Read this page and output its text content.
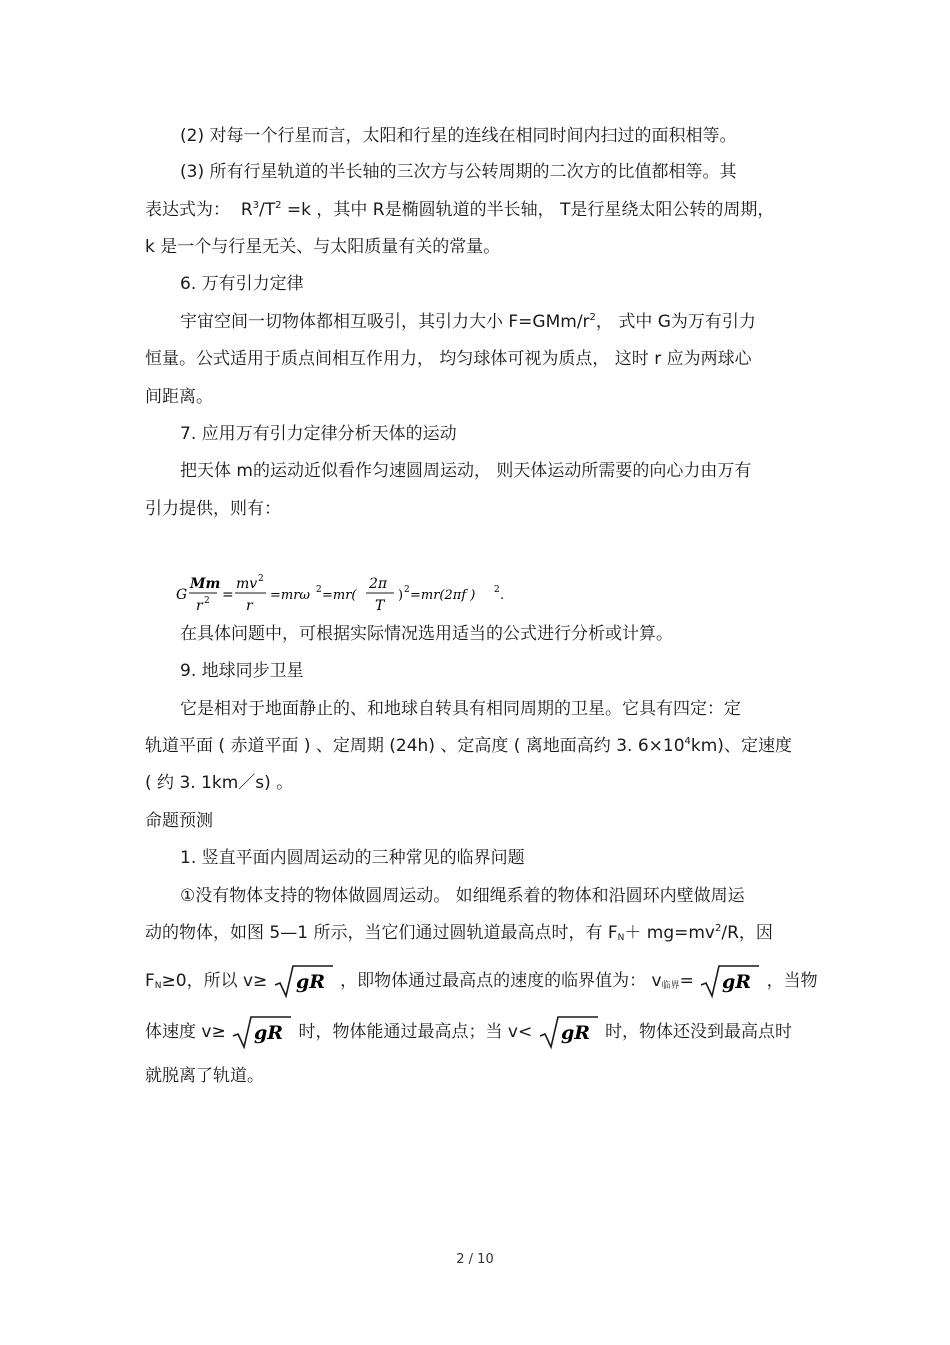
(2) 对每一个行星而言，太阳和行星的连线在相同时间内扫过的面积相等。
(3) 所有行星轨道的半长轴的三次方与公转周期的二次方的比值都相等。其
表达式为： $R^3/T^2 =k$ ，其中 R是椭圆轨道的半长轴， T是行星绕太阳公转的周期，
k 是一个与行星无关、与太阳质量有关的常量。
6. 万有引力定律
宇宙空间一切物体都相互吸引，其引力大小 $F=GMm/r^2$， 式中 G为万有引力
恒量。公式适用于质点间相互作用力， 均匀球体可视为质点， 这时 r 应为两球心
间距离。
7. 应用万有引力定律分析天体的运动
把天体 m的运动近似看作匀速圆周运动， 则天体运动所需要的向心力由万有
引力提供，则有：
G
Mm
r 2 =
mv 2
r
=mrω 2 =mr(
2π
T
) 2 =mr(2πf ) 2 .
在具体问题中，可根据实际情况选用适当的公式进行分析或计算。
9. 地球同步卫星
它是相对于地面静止的、和地球自转具有相同周期的卫星。它具有四定：定
轨道平面 ( 赤道平面 ) 、定周期 (24h) 、定高度 ( 离地面高约 3. $6\times 10^4km$)、定速度
( 约 3. 1km／s) 。
命题预测
1. 竖直平面内圆周运动的三种常见的临界问题
①没有物体支持的物体做圆周运动。 如细绳系着的物体和沿圆环内壁做周运
动的物体，如图 5—1 所示，当它们通过圆轨道最高点时，有 $F_N+ mg=mv^2/R$，因
$F_N\ge 0$，所以 v≥ gR ，即物体通过最高点的速度的临界值为： $v_{临界}=$ gR ，当物
体速度 v≥ gR 时，物体能通过最高点；当 v< gR 时，物体还没到最高点时
就脱离了轨道。
2 / 10
